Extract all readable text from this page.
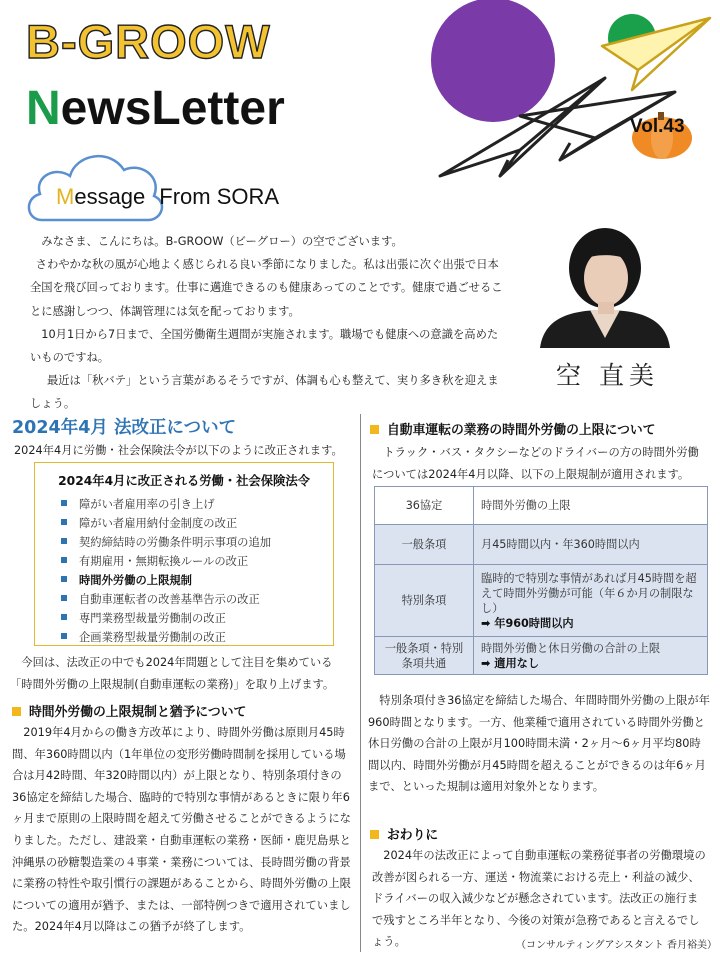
B-GROOW
NewsLetter	Vol.43
Message From SORA

みなさま、こんにちは。B-GROOW（ビーグロー）の空でございます。

さわやかな秋の風が心地よく感じられる良い季節になりました。私は出張に次ぐ出張で日本全国を飛び回っております。仕事に邁進できるのも健康あってのことです。健康で過ごせることに感謝しつつ、体調管理には気を配っております。

10月1日から7日まで、全国労働衛生週間が実施されます。職場でも健康への意識を高めたいものですね。

最近は「秋バテ」という言葉があるそうですが、体調も心も整えて、実り多き秋を迎えましょう。

空 直美
2024年4月 法改正について
2024年4月に労働・社会保険法令が以下のように改正されます。
2024年4月に改正される労働・社会保険法令
障がい者雇用率の引き上げ
障がい者雇用納付金制度の改正
契約締結時の労働条件明示事項の追加
有期雇用・無期転換ルールの改正
時間外労働の上限規制
自動車運転者の改善基準告示の改正
専門業務型裁量労働制の改正
企画業務型裁量労働制の改正

今回は、法改正の中でも2024年問題として注目を集めている

「時間外労働の上限規制(自動車運転の業務)」を取り上げます。

時間外労働の上限規制と猶予について

2019年4月からの働き方改革により、時間外労働は原則月45時間、年360時間以内（1年単位の変形労働時間制を採用している場合は月42時間、年320時間以内）が上限となり、特別条項付きの36協定を締結した場合、臨時的で特別な事情があるときに限り年6ヶ月まで原則の上限時間を超えて労働させることができるようになりました。ただし、建設業・自動車運転の業務・医師・鹿児島県と沖縄県の砂糖製造業の４事業・業務については、長時間労働の背景に業務の特性や取引慣行の課題があることから、時間外労働の上限についての適用が猶予、または、一部特例つきで適用されていました。2024年4月以降はこの猶予が終了します。

自動車運転の業務の時間外労働の上限について

トラック・バス・タクシーなどのドライバーの方の時間外労働については2024年4月以降、以下の上限規制が適用されます。

36協定	時間外労働の上限
一般条項	月45時間以内・年360時間以内
特別条項	臨時的で特別な事情があれば月45時間を超えて時間外労働が可能（年６か月の制限なし）
➡ 年960時間以内
一般条項・特別条項共通	時間外労働と休日労働の合計の上限
➡ 適用なし

特別条項付き36協定を締結した場合、年間時間外労働の上限が年960時間となります。一方、他業種で適用されている時間外労働と休日労働の合計の上限が月100時間未満・2ヶ月～6ヶ月平均80時間以内、時間外労働が月45時間を超えることができるのは年6ヶ月まで、といった規制は適用対象外となります。

おわりに

2024年の法改正によって自動車運転の業務従事者の労働環境の改善が図られる一方、運送・物流業における売上・利益の減少、ドライバーの収入減少などが懸念されています。法改正の施行まで残すところ半年となり、今後の対策が急務であると言えるでしょう。	（コンサルティングアシスタント 香月裕美）
